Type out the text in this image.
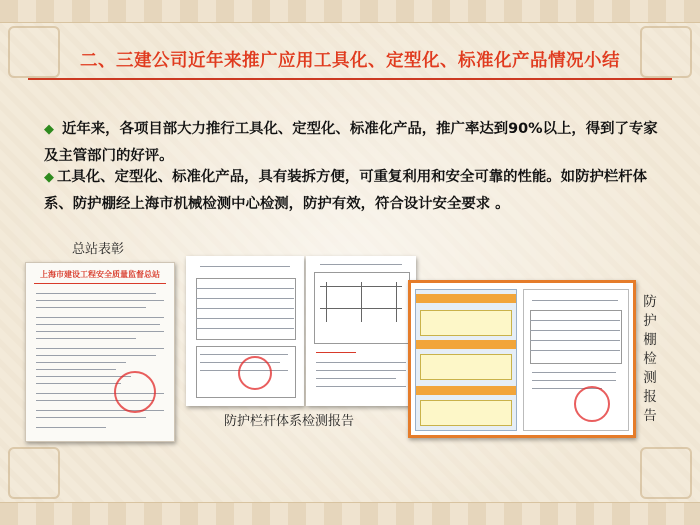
二、三建公司近年来推广应用工具化、定型化、标准化产品情况小结
◆ 近年来，各项目部大力推行工具化、定型化、标准化产品，推广率达到90%以上，得到了专家及主管部门的好评。
◆ 工具化、定型化、标准化产品，具有装拆方便，可重复利用和安全可靠的性能。如防护栏杆体系、防护棚经上海市机械检测中心检测，防护有效，符合设计安全要求 。
总站表彰
上海市建设工程安全质量监督总站
防护栏杆体系检测报告
防护棚检测报告
